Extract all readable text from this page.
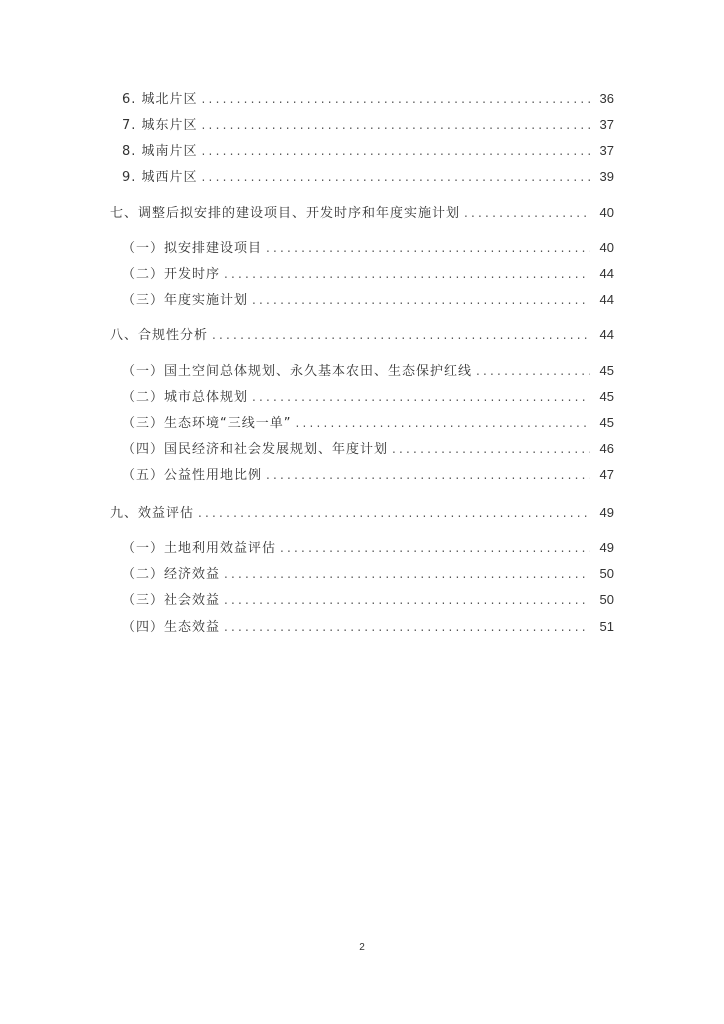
6. 城北片区 .....	36
7. 城东片区 .....	37
8. 城南片区 .....	37
9. 城西片区 .....	39
七、调整后拟安排的建设项目、开发时序和年度实施计划 .....	40
（一）拟安排建设项目 .....	40
（二）开发时序 .....	44
（三）年度实施计划 .....	44
八、合规性分析 .....	44
（一）国土空间总体规划、永久基本农田、生态保护红线 .....	45
（二）城市总体规划 .....	45
（三）生态环境“三线一单” .....	45
（四）国民经济和社会发展规划、年度计划 .....	46
（五）公益性用地比例 .....	47
九、效益评估 .....	49
（一）土地利用效益评估 .....	49
（二）经济效益 .....	50
（三）社会效益 .....	50
（四）生态效益 .....	51
2
